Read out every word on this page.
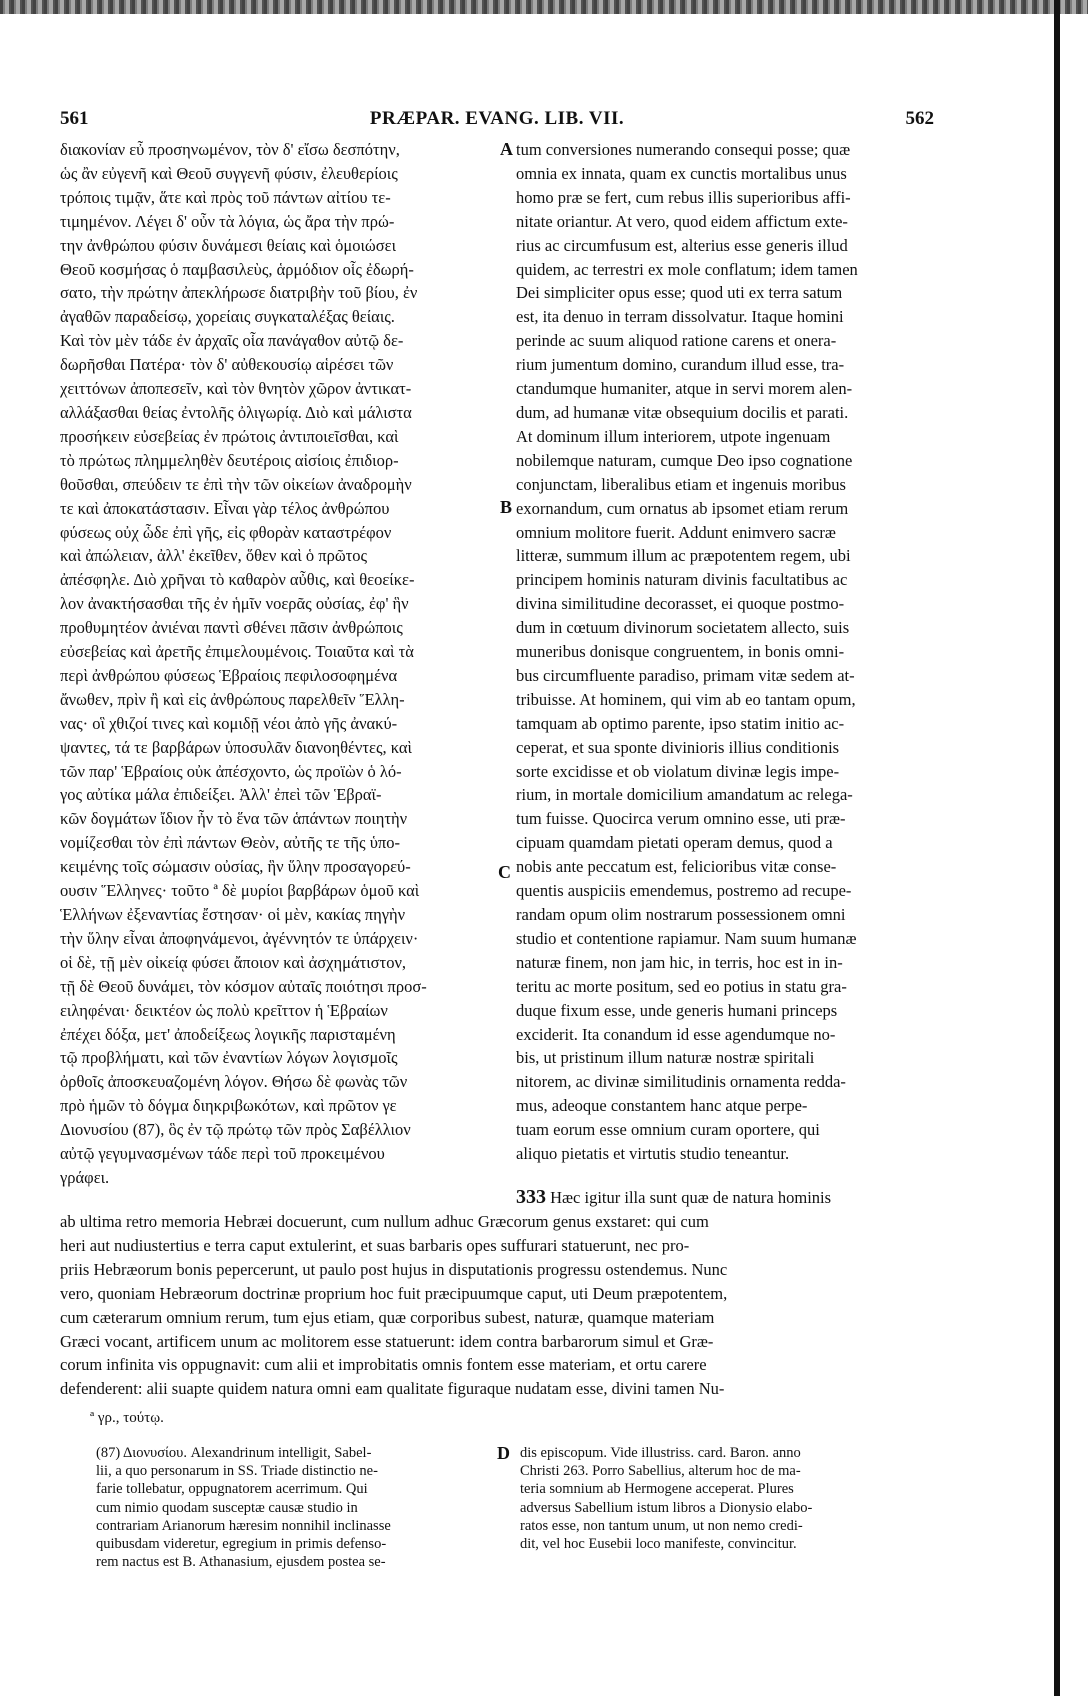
561	PRÆPAR. EVANG. LIB. VII.	562
διακονίαν εὖ προσηνωμένον, τὸν δ' εἴσω δεσπότην,
ὡς ἂν εὐγενῆ καὶ Θεοῦ συγγενῆ φύσιν, ἐλευθερίοις
τρόποις τιμᾷν, ἅτε καὶ πρὸς τοῦ πάντων αἰτίου τε-
τιμημένον. Λέγει δ' οὖν τὰ λόγια, ὡς ἄρα τὴν πρώ-
την ἀνθρώπου φύσιν δυνάμεσι θείαις καὶ ὁμοιώσει
Θεοῦ κοσμήσας ὁ παμβασιλεὺς, ἁρμόδιον οἷς ἐδωρή-
σατο, τὴν πρώτην ἀπεκλήρωσε διατριβὴν τοῦ βίου, ἐν
ἀγαθῶν παραδείσῳ, χορείαις συγκαταλέξας θείαις.
Καὶ τὸν μὲν τάδε ἐν ἀρχαῖς οἷα πανάγαθον αὐτῷ δε-
δωρῆσθαι Πατέρα· τὸν δ' αὐθεκουσίῳ αἱρέσει τῶν
χειττόνων ἀποπεσεῖν, καὶ τὸν θνητὸν χῶρον ἀντικατ-
αλλάξασθαι θείας ἐντολῆς ὀλιγωρίᾳ. Διὸ καὶ μάλιστα
προσήκειν εὐσεβείας ἐν πρώτοις ἀντιποιεῖσθαι, καὶ
τὸ πρώτως πλημμεληθὲν δευτέροις αἰσίοις ἐπιδιορ-
θοῦσθαι, σπεύδειν τε ἐπὶ τὴν τῶν οἰκείων ἀναδρομὴν
τε καὶ ἀποκατάστασιν. Εἶναι γὰρ τέλος ἀνθρώπου
φύσεως οὐχ ὧδε ἐπὶ γῆς, εἰς φθορὰν καταστρέφον
καὶ ἀπώλειαν, ἀλλ' ἐκεῖθεν, ὅθεν καὶ ὁ πρῶτος
ἀπέσφηλε. Διὸ χρῆναι τὸ καθαρὸν αὖθις, καὶ θεοείκε-
λον ἀνακτήσασθαι τῆς ἐν ἡμῖν νοερᾶς οὐσίας, ἐφ' ἣν
προθυμητέον ἀνιέναι παντὶ σθένει πᾶσιν ἀνθρώποις
εὐσεβείας καὶ ἀρετῆς ἐπιμελουμένοις. Τοιαῦτα καὶ τὰ
περὶ ἀνθρώπου φύσεως Ἑβραίοις πεφιλοσοφημένα
ἄνωθεν, πρὶν ἢ καὶ εἰς ἀνθρώπους παρελθεῖν Ἕλλη-
νας· οἳ χθιζοί τινες καὶ κομιδῇ νέοι ἀπὸ γῆς ἀνακύ-
ψαντες, τά τε βαρβάρων ὑποσυλᾶν διανοηθέντες, καὶ
τῶν παρ' Ἑβραίοις οὐκ ἀπέσχοντο, ὡς προϊὼν ὁ λό-
γος αὐτίκα μάλα ἐπιδείξει. Ἀλλ' ἐπεὶ τῶν Ἑβραϊ-
κῶν δογμάτων ἴδιον ἦν τὸ ἕνα τῶν ἁπάντων ποιητὴν
νομίζεσθαι τὸν ἐπὶ πάντων Θεὸν, αὐτῆς τε τῆς ὑπο-
κειμένης τοῖς σώμασιν οὐσίας, ἣν ὕλην προσαγορεύ-
ουσιν Ἕλληνες· τοῦτο ª δὲ μυρίοι βαρβάρων ὁμοῦ καὶ
Ἑλλήνων ἐξεναντίας ἔστησαν· οἱ μὲν, κακίας πηγὴν
τὴν ὕλην εἶναι ἀποφηνάμενοι, ἀγέννητόν τε ὑπάρχειν·
οἱ δὲ, τῇ μὲν οἰκείᾳ φύσει ἄποιον καὶ ἀσχημάτιστον,
τῇ δὲ Θεοῦ δυνάμει, τὸν κόσμον αὐταῖς ποιότησι προσ-
ειληφέναι· δεικτέον ὡς πολὺ κρεῖττον ἡ Ἑβραίων
ἐπέχει δόξα, μετ' ἀποδείξεως λογικῆς παρισταμένη
τῷ προβλήματι, καὶ τῶν ἐναντίων λόγων λογισμοῖς
ὀρθοῖς ἀποσκευαζομένη λόγον. Θήσω δὲ φωνὰς τῶν
πρὸ ἡμῶν τὸ δόγμα διηκριβωκότων, καὶ πρῶτον γε
Διονυσίου (87), ὃς ἐν τῷ πρώτῳ τῶν πρὸς Σαβέλλιον
αὐτῷ γεγυμνασμένων τάδε περὶ τοῦ προκειμένου
γράφει.
tum conversiones numerando consequi posse; quæ
omnia ex innata, quam ex cunctis mortalibus unus
homo præ se fert, cum rebus illis superioribus affi-
nitate oriantur. At vero, quod eidem affictum exte-
rius ac circumfusum est, alterius esse generis illud
quidem, ac terrestri ex mole conflatum; idem tamen
Dei simpliciter opus esse; quod uti ex terra satum
est, ita denuo in terram dissolvatur. Itaque homini
perinde ac suum aliquod ratione carens et onera-
rium jumentum domino, curandum illud esse, tra-
ctandumque humaniter, atque in servi morem alen-
dum, ad humanæ vitæ obsequium docilis et parati.
At dominum illum interiorem, utpote ingenuam
nobilemque naturam, cumque Deo ipso cognatione
conjunctam, liberalibus etiam et ingenuis moribus
exornandum, cum ornatus ab ipsomet etiam rerum
omnium molitore fuerit. Addunt enimvero sacræ
litteræ, summum illum ac præpotentem regem, ubi
principem hominis naturam divinis facultatibus ac
divina similitudine decorasset, ei quoque postmo-
dum in cœtuum divinorum societatem allecto, suis
muneribus donisque congruentem, in bonis omni-
bus circumfluente paradiso, primam vitæ sedem at-
tribuisse. At hominem, qui vim ab eo tantam opum,
tamquam ab optimo parente, ipso statim initio ac-
ceperat, et sua sponte divinioris illius conditionis
sorte excidisse et ob violatum divinæ legis impe-
rium, in mortale domicilium amandatum ac relega-
tum fuisse. Quocirca verum omnino esse, uti præ-
cipuam quamdam pietati operam demus, quod a
nobis ante peccatum est, felicioribus vitæ conse-
quentis auspiciis emendemus, postremo ad recupe-
randam opum olim nostrarum possessionem omni
studio et contentione rapiamur. Nam suum humanæ
naturæ finem, non jam hic, in terris, hoc est in in-
teritu ac morte positum, sed eo potius in statu gra-
duque fixum esse, unde generis humani princeps
exciderit. Ita conandum id esse agendumque no-
bis, ut pristinum illum naturæ nostræ spiritali
nitorem, ac divinæ similitudinis ornamenta redda-
mus, adeoque constantem hanc atque perpe-
tuam eorum esse omnium curam oportere, qui
aliquo pietatis et virtutis studio teneantur.
A
B
C
D
333 Hæc igitur illa sunt quæ de natura hominis
ab ultima retro memoria Hebræi docuerunt, cum nullum adhuc Græcorum genus exstaret: qui cum
heri aut nudiustertius e terra caput extulerint, et suas barbaris opes suffurari statuerunt, nec pro-
priis Hebræorum bonis pepercerunt, ut paulo post hujus in disputationis progressu ostendemus. Nunc
vero, quoniam Hebræorum doctrinæ proprium hoc fuit præcipuumque caput, uti Deum præpotentem,
cum cæterarum omnium rerum, tum ejus etiam, quæ corporibus subest, naturæ, quamque materiam
Græci vocant, artificem unum ac molitorem esse statuerunt: idem contra barbarorum simul et Græ-
corum infinita vis oppugnavit: cum alii et improbitatis omnis fontem esse materiam, et ortu carere
defenderent: alii suapte quidem natura omni eam qualitate figuraque nudatam esse, divini tamen Nu-
ª γρ., τούτῳ.
(87) Διονυσίου. Alexandrinum intelligit, Sabel-
lii, a quo personarum in SS. Triade distinctio ne-
farie tollebatur, oppugnatorem acerrimum. Qui
cum nimio quodam susceptæ causæ studio in
contrariam Arianorum hæresim nonnihil inclinasse
quibusdam videretur, egregium in primis defenso-
rem nactus est B. Athanasium, ejusdem postea se-
dis episcopum. Vide illustriss. card. Baron. anno
Christi 263. Porro Sabellius, alterum hoc de ma-
teria somnium ab Hermogene acceperat. Plures
adversus Sabellium istum libros a Dionysio elabo-
ratos esse, non tantum unum, ut non nemo credi-
dit, vel hoc Eusebii loco manifeste, convincitur.
